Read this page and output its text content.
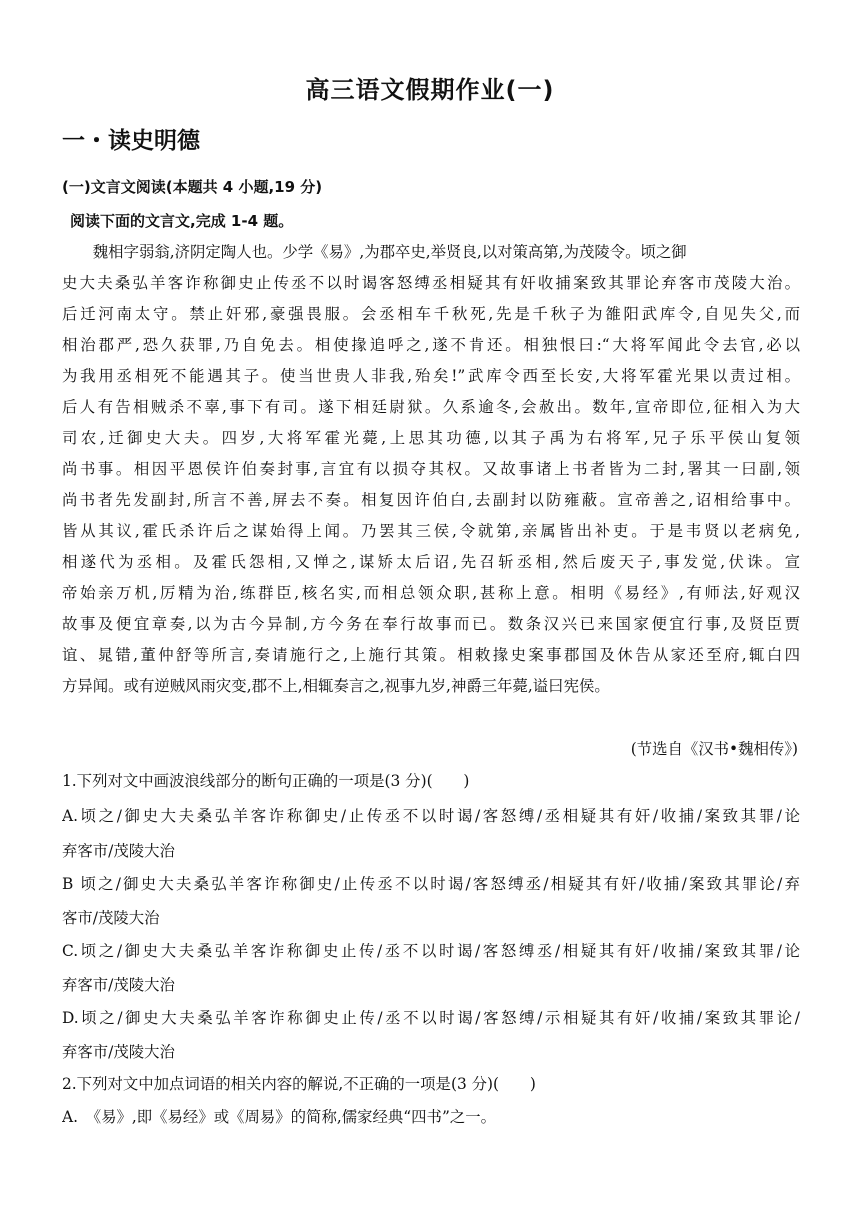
高三语文假期作业(一)
一・读史明德
(一)文言文阅读(本题共 4 小题,19 分)
阅读下面的文言文,完成 1-4 题。
　　魏相字弱翁,济阴定陶人也。少学《易》,为郡卒史,举贤良,以对策高第,为茂陵令。顷之御
史大夫桑弘羊客诈称御史止传丞不以时谒客怒缚丞相疑其有奸收捕案致其罪论弃客市茂陵大治。
后迁河南太守。禁止奸邪,豪强畏服。会丞相车千秋死,先是千秋子为雒阳武库令,自见失父,而
相治郡严,恐久获罪,乃自免去。相使掾追呼之,遂不肯还。相独恨曰:“大将军闻此令去官,必以
为我用丞相死不能遇其子。使当世贵人非我,殆矣!”武库令西至长安,大将军霍光果以责过相。
后人有告相贼杀不辜,事下有司。遂下相廷尉狱。久系逾冬,会赦出。数年,宣帝即位,征相入为大
司农,迁御史大夫。四岁,大将军霍光薨,上思其功德,以其子禹为右将军,兄子乐平侯山复领
尚书事。相因平恩侯许伯奏封事,言宜有以损夺其权。又故事诸上书者皆为二封,署其一曰副,领
尚书者先发副封,所言不善,屏去不奏。相复因许伯白,去副封以防雍蔽。宣帝善之,诏相给事中。
皆从其议,霍氏杀许后之谋始得上闻。乃罢其三侯,令就第,亲属皆出补吏。于是韦贤以老病免,
相遂代为丞相。及霍氏怨相,又惮之,谋矫太后诏,先召斩丞相,然后废天子,事发觉,伏诛。宣
帝始亲万机,厉精为治,练群臣,核名实,而相总领众职,甚称上意。相明《易经》,有师法,好观汉
故事及便宜章奏,以为古今异制,方今务在奉行故事而已。数条汉兴已来国家便宜行事,及贤臣贾
谊、晁错,董仲舒等所言,奏请施行之,上施行其策。相敕掾史案事郡国及休告从家还至府,辄白四
方异闻。或有逆贼风雨灾变,郡不上,相辄奏言之,视事九岁,神爵三年薨,谥曰宪侯。
(节选自《汉书•魏相传》)
1.下列对文中画波浪线部分的断句正确的一项是(3 分)(　　)
A.顷之/御史大夫桑弘羊客诈称御史/止传丞不以时谒/客怒缚/丞相疑其有奸/收捕/案致其罪/论
弃客市/茂陵大治
B 顷之/御史大夫桑弘羊客诈称御史/止传丞不以时谒/客怒缚丞/相疑其有奸/收捕/案致其罪论/弃
客市/茂陵大治
C.顷之/御史大夫桑弘羊客诈称御史止传/丞不以时谒/客怒缚丞/相疑其有奸/收捕/案致其罪/论
弃客市/茂陵大治
D.顷之/御史大夫桑弘羊客诈称御史止传/丞不以时谒/客怒缚/示相疑其有奸/收捕/案致其罪论/
弃客市/茂陵大治
2.下列对文中加点词语的相关内容的解说,不正确的一项是(3 分)(　　)
A.　《易》,即《易经》或《周易》的简称,儒家经典“四书”之一。
